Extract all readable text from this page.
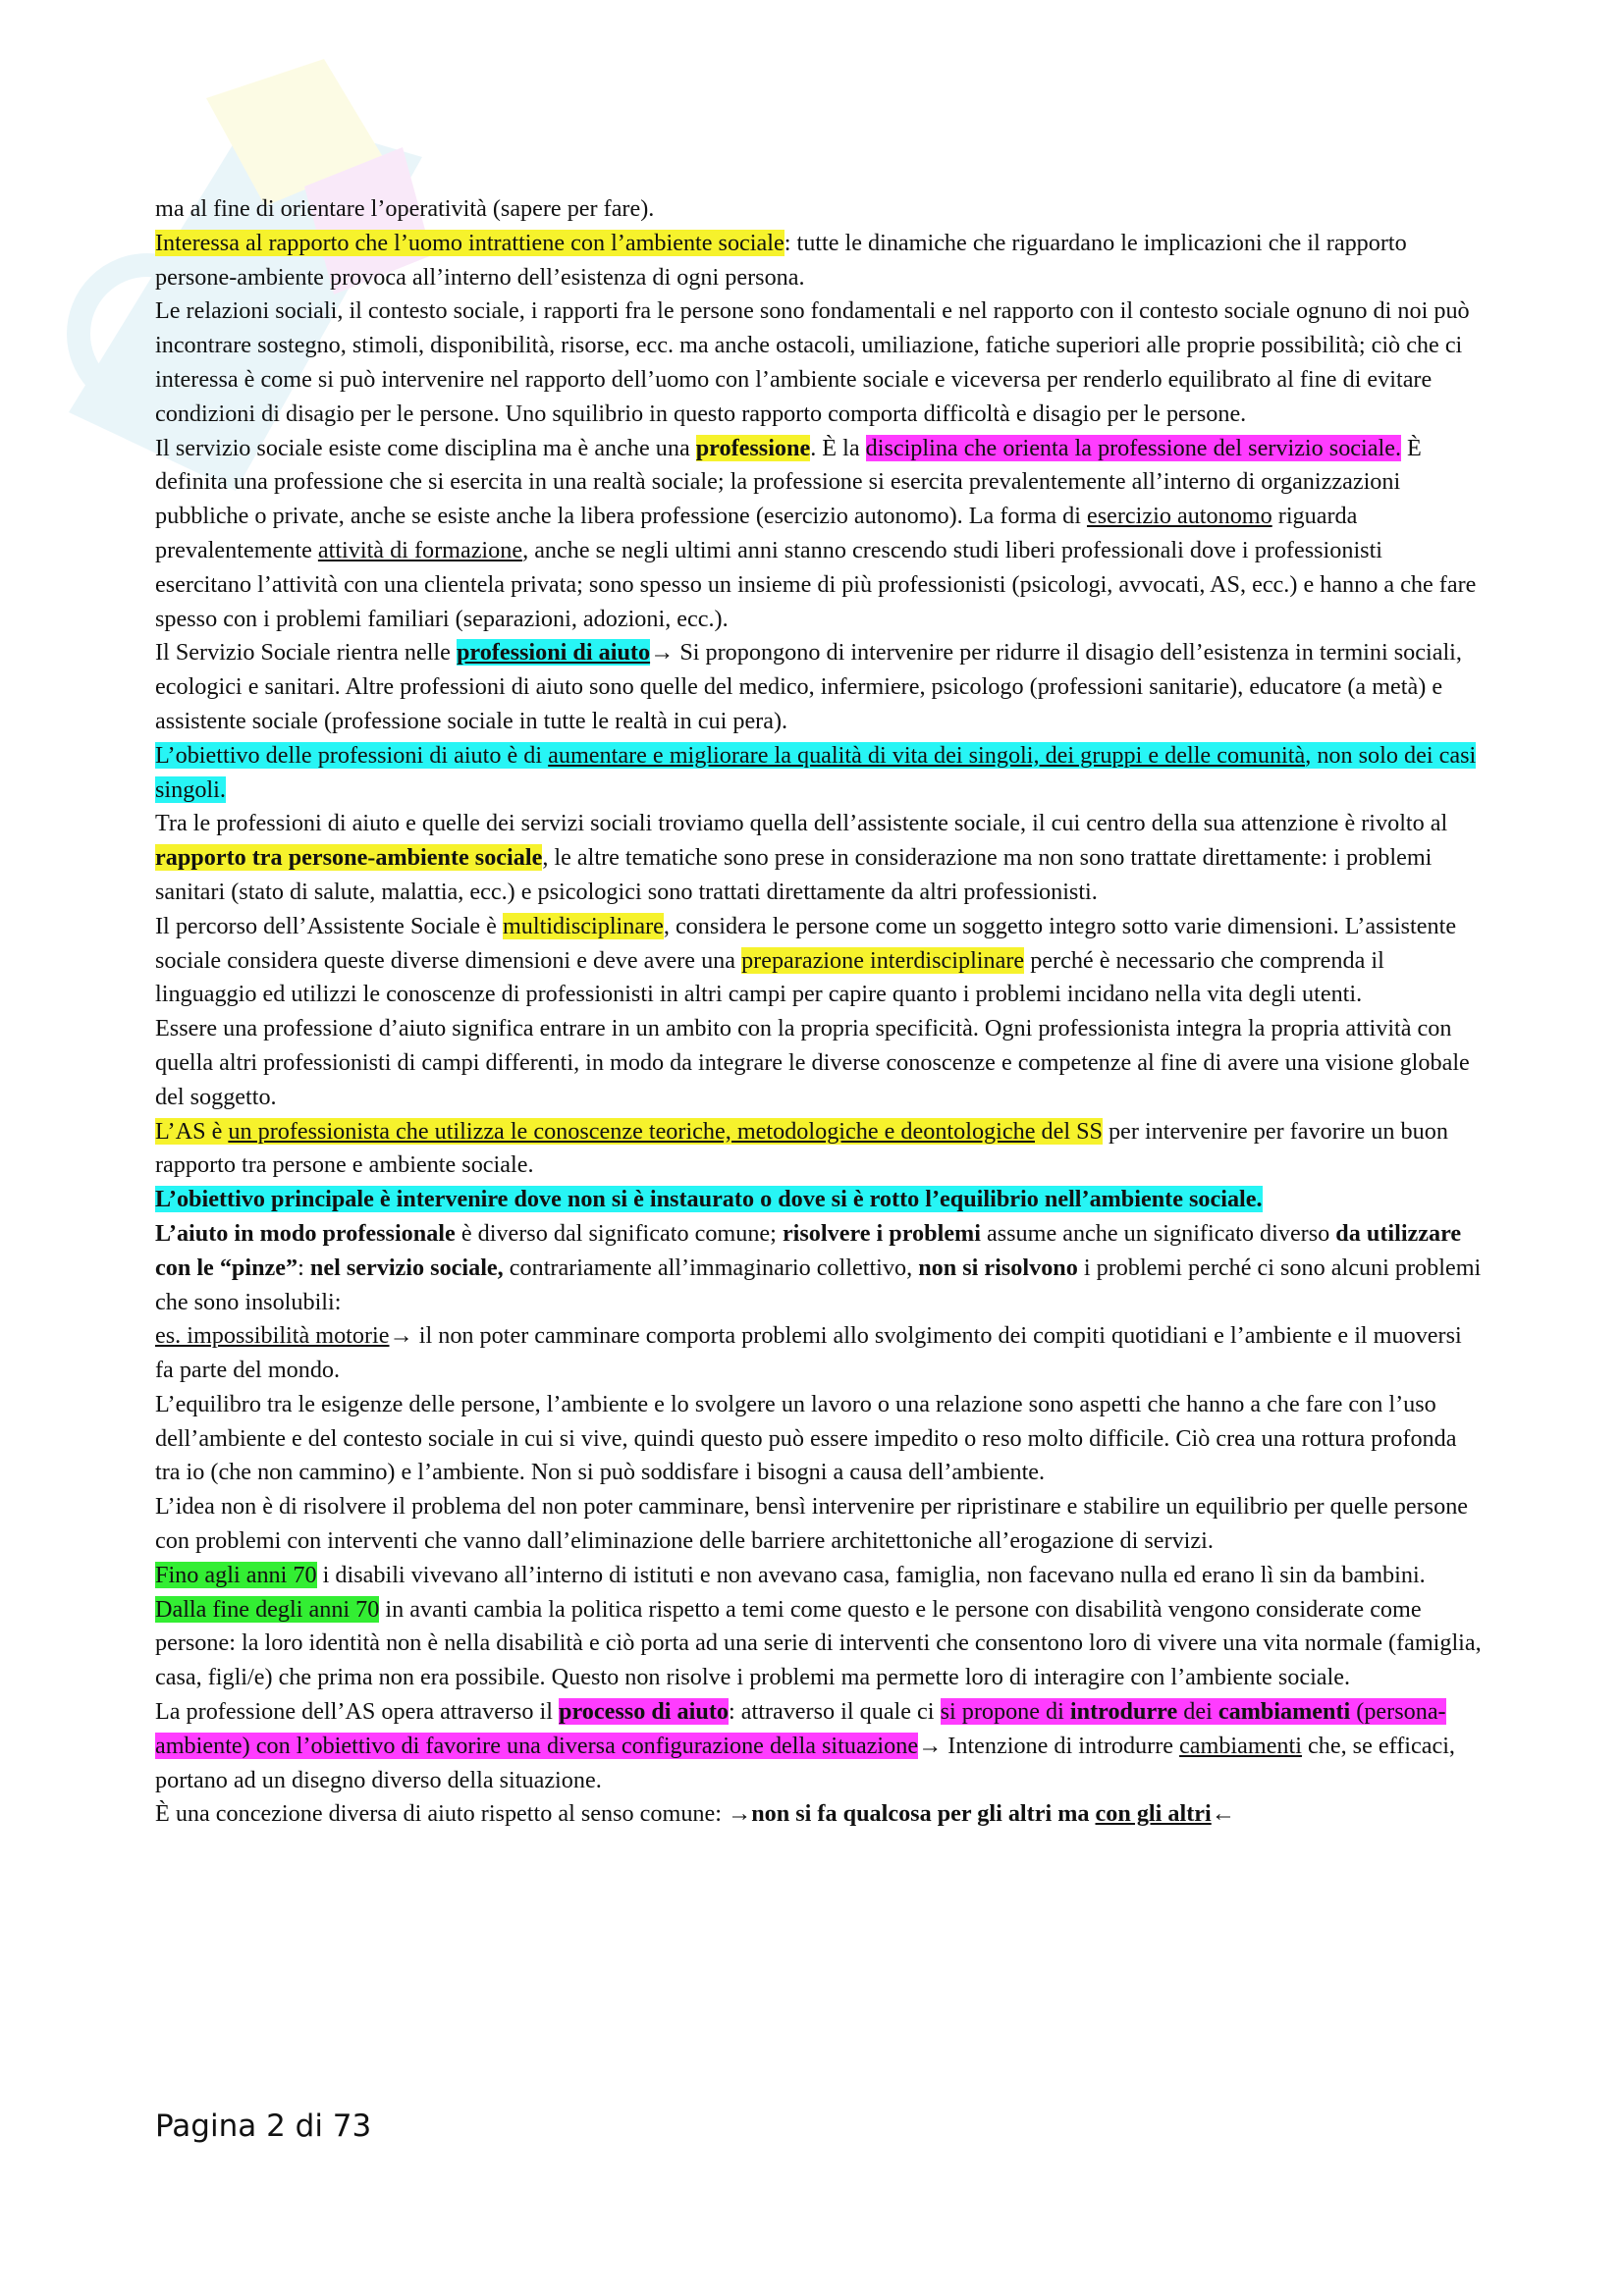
ma al fine di orientare l’operatività (sapere per fare).

Interessa al rapporto che l’uomo intrattiene con l’ambiente sociale: tutte le dinamiche che riguardano le implicazioni che il rapporto persone-ambiente provoca all’interno dell’esistenza di ogni persona.

Le relazioni sociali, il contesto sociale, i rapporti fra le persone sono fondamentali e nel rapporto con il contesto sociale ognuno di noi può incontrare sostegno, stimoli, disponibilità, risorse, ecc. ma anche ostacoli, umiliazione, fatiche superiori alle proprie possibilità; ciò che ci interessa è come si può intervenire nel rapporto dell’uomo con l’ambiente sociale e viceversa per renderlo equilibrato al fine di evitare condizioni di disagio per le persone. Uno squilibrio in questo rapporto comporta difficoltà e disagio per le persone.

Il servizio sociale esiste come disciplina ma è anche una professione. È la disciplina che orienta la professione del servizio sociale. È definita una professione che si esercita in una realtà sociale; la professione si esercita prevalentemente all’interno di organizzazioni pubbliche o private, anche se esiste anche la libera professione (esercizio autonomo). La forma di esercizio autonomo riguarda prevalentemente attività di formazione, anche se negli ultimi anni stanno crescendo studi liberi professionali dove i professionisti esercitano l’attività con una clientela privata; sono spesso un insieme di più professionisti (psicologi, avvocati, AS, ecc.) e hanno a che fare spesso con i problemi familiari (separazioni, adozioni, ecc.).

Il Servizio Sociale rientra nelle professioni di aiuto→ Si propongono di intervenire per ridurre il disagio dell’esistenza in termini sociali, ecologici e sanitari. Altre professioni di aiuto sono quelle del medico, infermiere, psicologo (professioni sanitarie), educatore (a metà) e assistente sociale (professione sociale in tutte le realtà in cui pera).

L’obiettivo delle professioni di aiuto è di aumentare e migliorare la qualità di vita dei singoli, dei gruppi e delle comunità, non solo dei casi singoli.

Tra le professioni di aiuto e quelle dei servizi sociali troviamo quella dell’assistente sociale, il cui centro della sua attenzione è rivolto al rapporto tra persone-ambiente sociale, le altre tematiche sono prese in considerazione ma non sono trattate direttamente: i problemi sanitari (stato di salute, malattia, ecc.) e psicologici sono trattati direttamente da altri professionisti.

Il percorso dell’Assistente Sociale è multidisciplinare, considera le persone come un soggetto integro sotto varie dimensioni. L’assistente sociale considera queste diverse dimensioni e deve avere una preparazione interdisciplinare perché è necessario che comprenda il linguaggio ed utilizzi le conoscenze di professionisti in altri campi per capire quanto i problemi incidano nella vita degli utenti.

Essere una professione d’aiuto significa entrare in un ambito con la propria specificità. Ogni professionista integra la propria attività con quella altri professionisti di campi differenti, in modo da integrare le diverse conoscenze e competenze al fine di avere una visione globale del soggetto.

L’AS è un professionista che utilizza le conoscenze teoriche, metodologiche e deontologiche del SS per intervenire per favorire un buon rapporto tra persone e ambiente sociale.

L’obiettivo principale è intervenire dove non si è instaurato o dove si è rotto l’equilibrio nell’ambiente sociale.

L’aiuto in modo professionale è diverso dal significato comune; risolvere i problemi assume anche un significato diverso da utilizzare con le “pinze”: nel servizio sociale, contrariamente all’immaginario collettivo, non si risolvono i problemi perché ci sono alcuni problemi che sono insolubili:

es. impossibilità motorie→ il non poter camminare comporta problemi allo svolgimento dei compiti quotidiani e l’ambiente e il muoversi fa parte del mondo.

L’equilibro tra le esigenze delle persone, l’ambiente e lo svolgere un lavoro o una relazione sono aspetti che hanno a che fare con l’uso dell’ambiente e del contesto sociale in cui si vive, quindi questo può essere impedito o reso molto difficile. Ciò crea una rottura profonda tra io (che non cammino) e l’ambiente. Non si può soddisfare i bisogni a causa dell’ambiente.

L’idea non è di risolvere il problema del non poter camminare, bensì intervenire per ripristinare e stabilire un equilibrio per quelle persone con problemi con interventi che vanno dall’eliminazione delle barriere architettoniche all’erogazione di servizi.

Fino agli anni 70 i disabili vivevano all’interno di istituti e non avevano casa, famiglia, non facevano nulla ed erano lì sin da bambini.

Dalla fine degli anni 70 in avanti cambia la politica rispetto a temi come questo e le persone con disabilità vengono considerate come persone: la loro identità non è nella disabilità e ciò porta ad una serie di interventi che consentono loro di vivere una vita normale (famiglia, casa, figli/e) che prima non era possibile. Questo non risolve i problemi ma permette loro di interagire con l’ambiente sociale.

La professione dell’AS opera attraverso il processo di aiuto: attraverso il quale ci si propone di introdurre dei cambiamenti (persona-ambiente) con l’obiettivo di favorire una diversa configurazione della situazione→ Intenzione di introdurre cambiamenti che, se efficaci, portano ad un disegno diverso della situazione.

È una concezione diversa di aiuto rispetto al senso comune: →non si fa qualcosa per gli altri ma con gli altri←

Pagina 2 di 73
